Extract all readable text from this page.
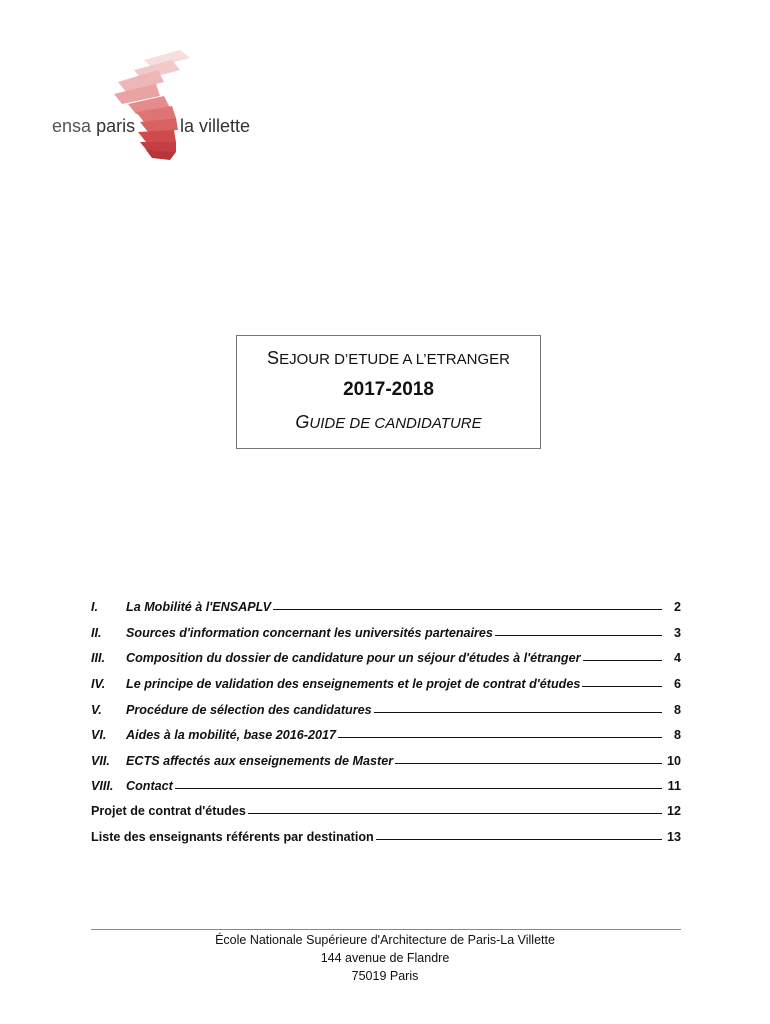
ensa paris la villette
SEJOUR D’ETUDE A L’ETRANGER
2017-2018
GUIDE DE CANDIDATURE
I. La Mobilité à l'ENSAPLV	2
II. Sources d'information concernant les universités partenaires	3
III. Composition du dossier de candidature pour un séjour d'études à l'étranger	4
IV. Le principe de validation des enseignements et le projet de contrat d'études	6
V. Procédure de sélection des candidatures	8
VI. Aides à la mobilité, base 2016-2017	8
VII. ECTS affectés aux enseignements de Master	10
VIII. Contact	11
Projet de contrat d'études	12
Liste des enseignants référents par destination	13
École Nationale Supérieure d'Architecture de Paris-La Villette
144 avenue de Flandre
75019 Paris
